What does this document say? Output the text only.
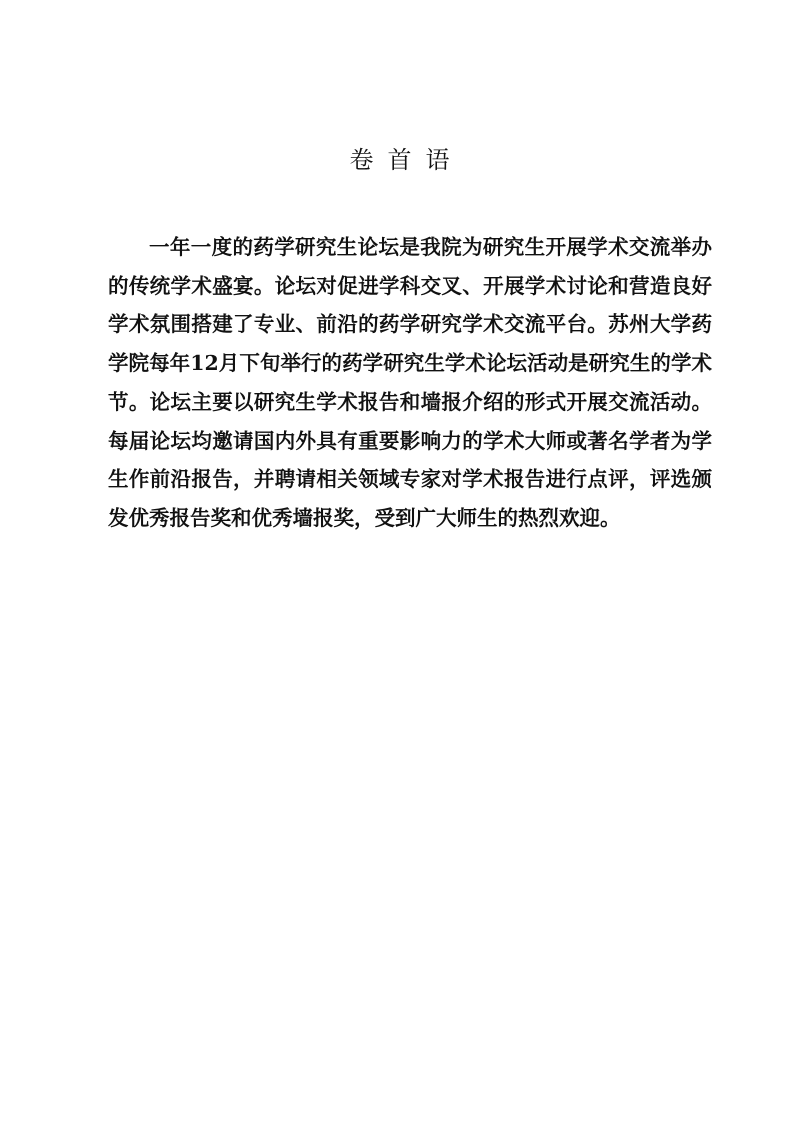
卷首语

一年一度的药学研究生论坛是我院为研究生开展学术交流举办的传统学术盛宴。论坛对促进学科交叉、开展学术讨论和营造良好学术氛围搭建了专业、前沿的药学研究学术交流平台。苏州大学药学院每年12月下旬举行的药学研究生学术论坛活动是研究生的学术节。论坛主要以研究生学术报告和墙报介绍的形式开展交流活动。每届论坛均邀请国内外具有重要影响力的学术大师或著名学者为学生作前沿报告，并聘请相关领域专家对学术报告进行点评，评选颁发优秀报告奖和优秀墙报奖，受到广大师生的热烈欢迎。
